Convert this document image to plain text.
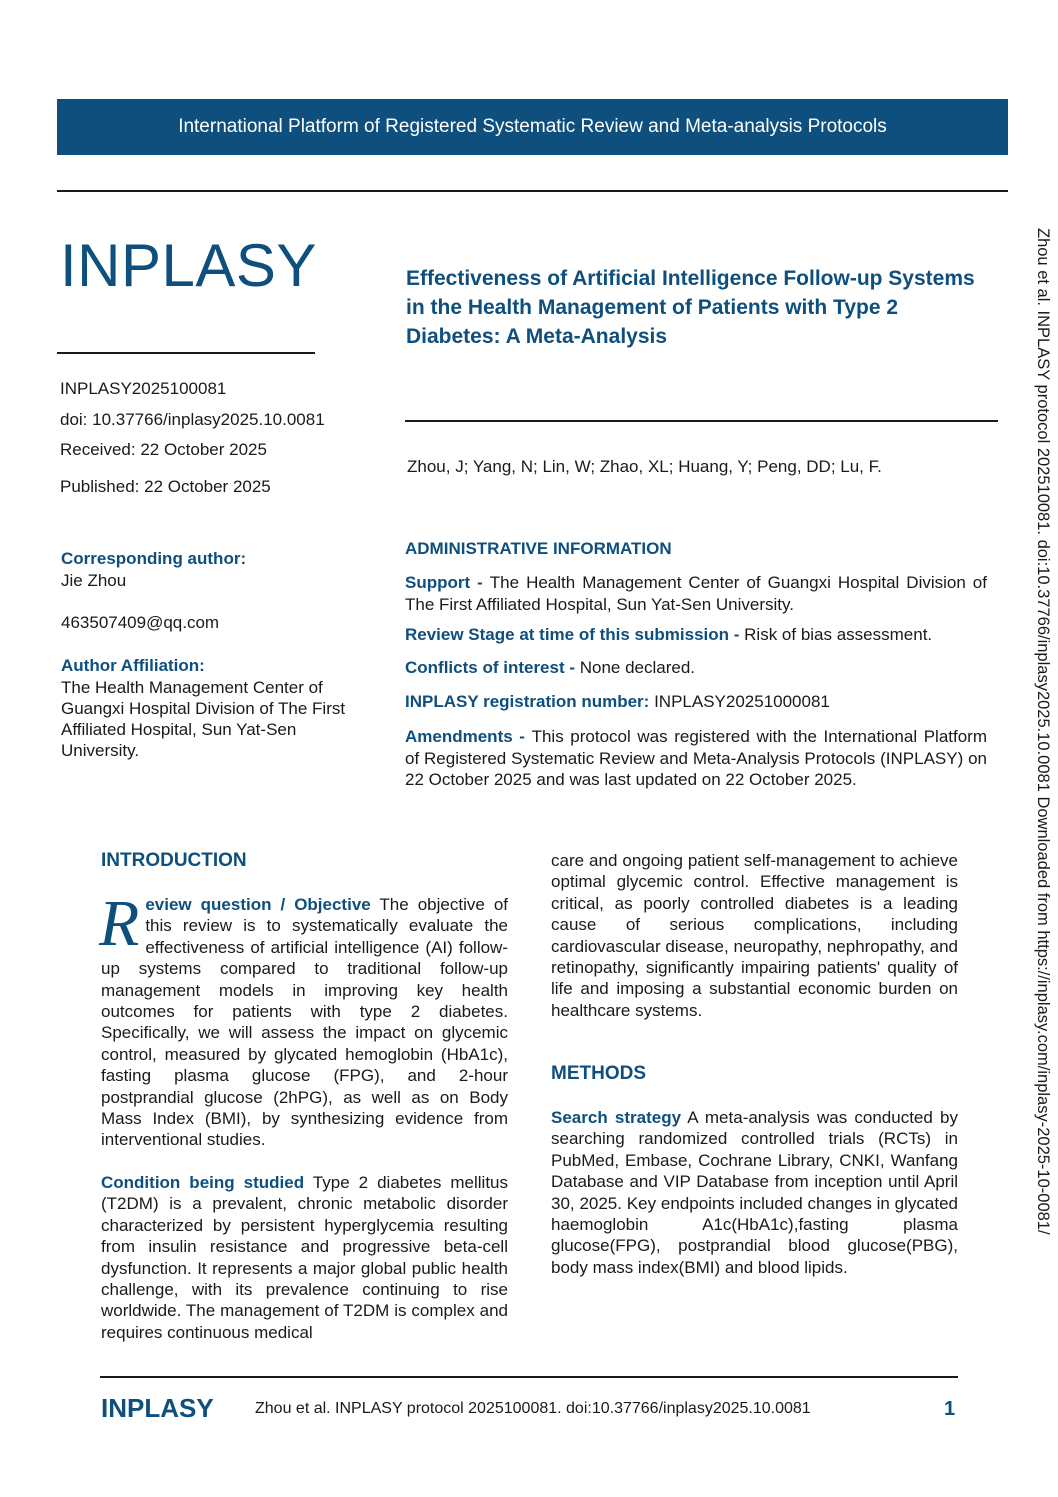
International Platform of Registered Systematic Review and Meta-analysis Protocols
INPLASY
INPLASY2025100081
doi: 10.37766/inplasy2025.10.0081
Received: 22 October 2025
Published: 22 October 2025
Effectiveness of Artificial Intelligence Follow-up Systems in the Health Management of Patients with Type 2 Diabetes: A Meta-Analysis
Zhou, J; Yang, N; Lin, W; Zhao, XL; Huang, Y; Peng, DD; Lu, F.
Corresponding author:
Jie Zhou
463507409@qq.com
Author Affiliation:
The Health Management Center of Guangxi Hospital Division of The First Affiliated Hospital, Sun Yat-Sen University.
ADMINISTRATIVE INFORMATION
Support - The Health Management Center of Guangxi Hospital Division of The First Affiliated Hospital, Sun Yat-Sen University.
Review Stage at time of this submission - Risk of bias assessment.
Conflicts of interest - None declared.
INPLASY registration number: INPLASY20251000081
Amendments - This protocol was registered with the International Platform of Registered Systematic Review and Meta-Analysis Protocols (INPLASY) on 22 October 2025 and was last updated on 22 October 2025.
INTRODUCTION
Review question / Objective The objective of this review is to systematically evaluate the effectiveness of artificial intelligence (AI) follow-up systems compared to traditional follow-up management models in improving key health outcomes for patients with type 2 diabetes. Specifically, we will assess the impact on glycemic control, measured by glycated hemoglobin (HbA1c), fasting plasma glucose (FPG), and 2-hour postprandial glucose (2hPG), as well as on Body Mass Index (BMI), by synthesizing evidence from interventional studies.
Condition being studied Type 2 diabetes mellitus (T2DM) is a prevalent, chronic metabolic disorder characterized by persistent hyperglycemia resulting from insulin resistance and progressive beta-cell dysfunction. It represents a major global public health challenge, with its prevalence continuing to rise worldwide. The management of T2DM is complex and requires continuous medical
care and ongoing patient self-management to achieve optimal glycemic control. Effective management is critical, as poorly controlled diabetes is a leading cause of serious complications, including cardiovascular disease, neuropathy, nephropathy, and retinopathy, significantly impairing patients' quality of life and imposing a substantial economic burden on healthcare systems.
METHODS
Search strategy A meta-analysis was conducted by searching randomized controlled trials (RCTs) in PubMed, Embase, Cochrane Library, CNKI, Wanfang Database and VIP Database from inception until April 30, 2025. Key endpoints included changes in glycated haemoglobin A1c(HbA1c),fasting plasma glucose(FPG), postprandial blood glucose(PBG), body mass index(BMI) and blood lipids.
Zhou et al. INPLASY protocol 202510081. doi:10.37766/inplasy2025.10.0081 Downloaded from https://inplasy.com/inplasy-2025-10-0081/
INPLASY	Zhou et al. INPLASY protocol 2025100081. doi:10.37766/inplasy2025.10.0081	1
